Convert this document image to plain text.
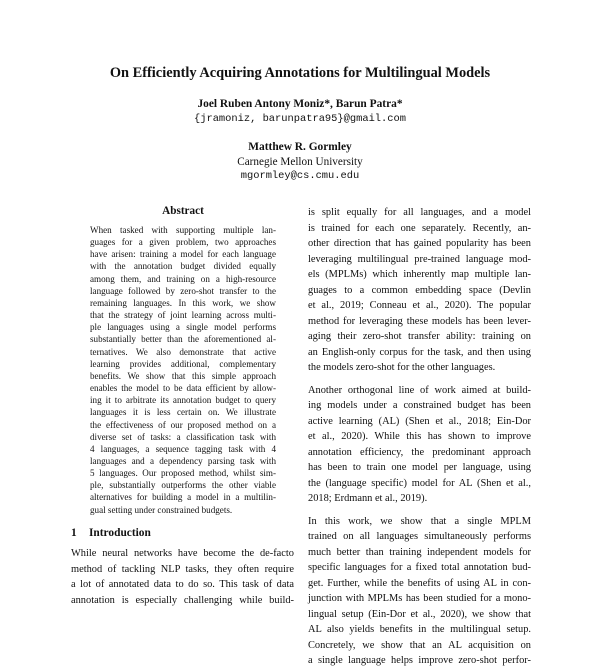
On Efficiently Acquiring Annotations for Multilingual Models
Joel Ruben Antony Moniz*, Barun Patra*
{jramoniz, barunpatra95}@gmail.com
Matthew R. Gormley
Carnegie Mellon University
mgormley@cs.cmu.edu
Abstract
When tasked with supporting multiple lan-
guages for a given problem, two approaches
have arisen: training a model for each language
with the annotation budget divided equally
among them, and training on a high-resource
language followed by zero-shot transfer to the
remaining languages. In this work, we show
that the strategy of joint learning across multi-
ple languages using a single model performs
substantially better than the aforementioned al-
ternatives. We also demonstrate that active
learning provides additional, complementary
benefits. We show that this simple approach
enables the model to be data efficient by allow-
ing it to arbitrate its annotation budget to query
languages it is less certain on. We illustrate
the effectiveness of our proposed method on a
diverse set of tasks: a classification task with
4 languages, a sequence tagging task with 4
languages and a dependency parsing task with
5 languages. Our proposed method, whilst sim-
ple, substantially outperforms the other viable
alternatives for building a model in a multilin-
gual setting under constrained budgets.
1 Introduction
While neural networks have become the de-facto
method of tackling NLP tasks, they often require
a lot of annotated data to do so. This task of data
annotation is especially challenging while build-
is split equally for all languages, and a model
is trained for each one separately. Recently, an-
other direction that has gained popularity has been
leveraging multilingual pre-trained language mod-
els (MPLMs) which inherently map multiple lan-
guages to a common embedding space (Devlin
et al., 2019; Conneau et al., 2020). The popular
method for leveraging these models has been lever-
aging their zero-shot transfer ability: training on
an English-only corpus for the task, and then using
the models zero-shot for the other languages.
Another orthogonal line of work aimed at build-
ing models under a constrained budget has been
active learning (AL) (Shen et al., 2018; Ein-Dor
et al., 2020). While this has shown to improve
annotation efficiency, the predominant approach
has been to train one model per language, using
the (language specific) model for AL (Shen et al.,
2018; Erdmann et al., 2019).
In this work, we show that a single MPLM
trained on all languages simultaneously performs
much better than training independent models for
specific languages for a fixed total annotation bud-
get. Further, while the benefits of using AL in con-
junction with MPLMs has been studied for a mono-
lingual setup (Ein-Dor et al., 2020), we show that
AL also yields benefits in the multilingual setup.
Concretely, we show that an AL acquisition on
a single language helps improve zero-shot perfor-
